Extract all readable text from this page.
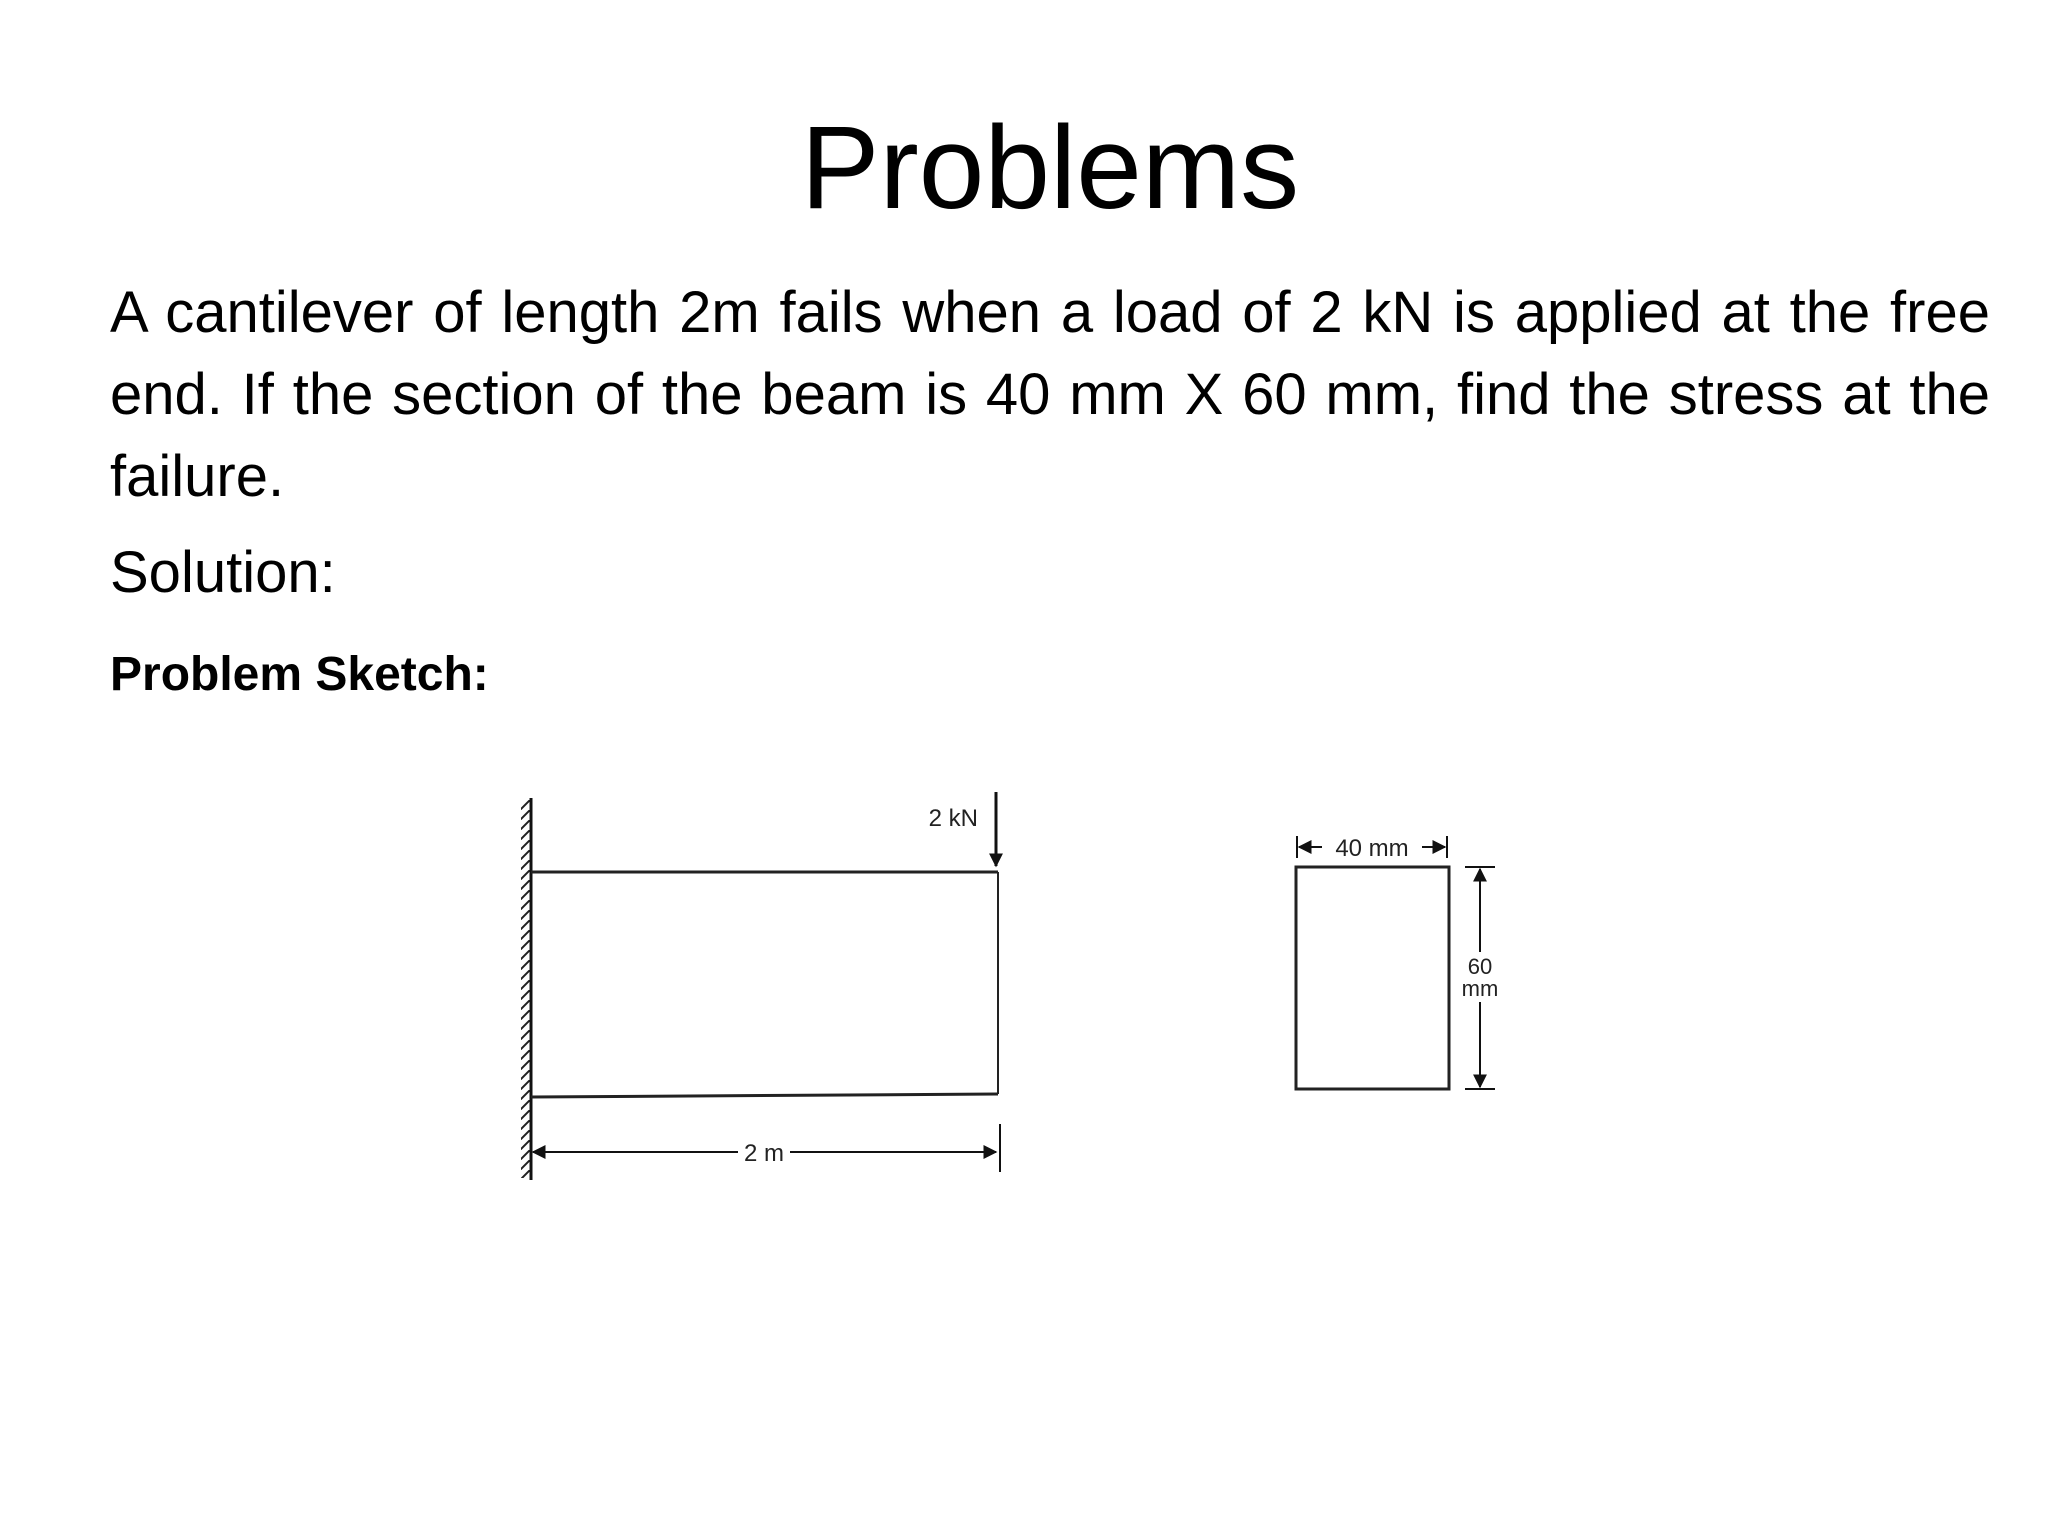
Problems
A cantilever of length 2m fails when a load of 2 kN is applied at the free end. If the section of the beam is 40 mm X 60 mm, find the stress at the failure.
Solution:
Problem Sketch:
2 kN
2 m
40 mm
60
mm
